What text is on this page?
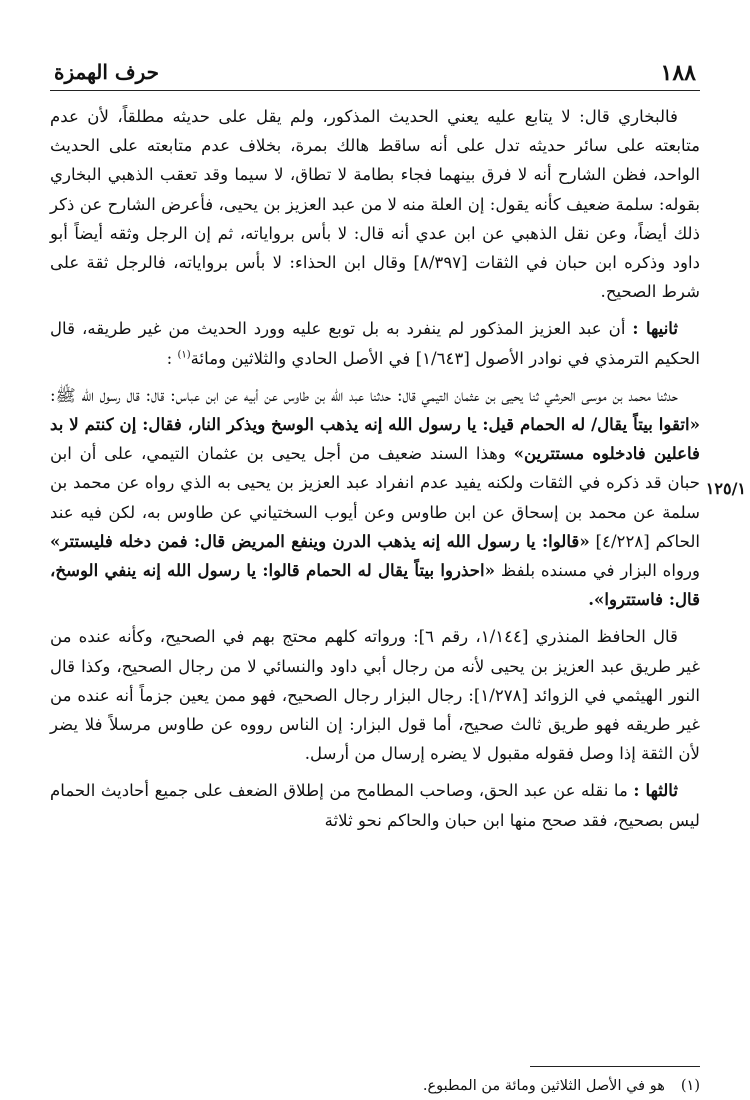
١٨٨
حرف الهمزة
١٢٥/١

فالبخاري قال: لا يتابع عليه يعني الحديث المذكور، ولم يقل على حديثه مطلقاً، لأن عدم متابعته على سائر حديثه تدل على أنه ساقط هالك بمرة، بخلاف عدم متابعته على الحديث الواحد، فظن الشارح أنه لا فرق بينهما فجاء بطامة لا تطاق، لا سيما وقد تعقب الذهبي البخاري بقوله: سلمة ضعيف كأنه يقول: إن العلة منه لا من عبد العزيز بن يحيى، فأعرض الشارح عن ذكر ذلك أيضاً، وعن نقل الذهبي عن ابن عدي أنه قال: لا بأس برواياته، ثم إن الرجل وثقه أيضاً أبو داود وذكره ابن حبان في الثقات [٨/٣٩٧] وقال ابن الحذاء: لا بأس برواياته، فالرجل ثقة على شرط الصحيح.

ثانيها : أن عبد العزيز المذكور لم ينفرد به بل توبع عليه وورد الحديث من غير طريقه، قال الحكيم الترمذي في نوادر الأصول [١/٦٤٣] في الأصل الحادي والثلاثين ومائة$^{(١)}$ :

حدثنا محمد بن موسى الحرشي ثنا يحيى بن عثمان التيمي قال: حدثنا عبد الله بن طاوس عن أبيه عن ابن عباس: قال: قال رسول الله ﷺ: «اتقوا بيتاً يقال/ له الحمام قيل: يا رسول الله إنه يذهب الوسخ ويذكر النار، فقال: إن كنتم لا بد فاعلين فادخلوه مستترين» وهذا السند ضعيف من أجل يحيى بن عثمان التيمي، على أن ابن حبان قد ذكره في الثقات ولكنه يفيد عدم انفراد عبد العزيز بن يحيى به الذي رواه عن محمد بن سلمة عن محمد بن إسحاق عن ابن طاوس وعن أيوب السختياني عن طاوس به، لكن فيه عند الحاكم [٤/٢٢٨] «قالوا: يا رسول الله إنه يذهب الدرن وينفع المريض قال: فمن دخله فليستتر» ورواه البزار في مسنده بلفظ «احذروا بيتاً يقال له الحمام قالوا: يا رسول الله إنه ينفي الوسخ، قال: فاستتروا».

قال الحافظ المنذري [١/١٤٤، رقم ٦]: ورواته كلهم محتج بهم في الصحيح، وكأنه عنده من غير طريق عبد العزيز بن يحيى لأنه من رجال أبي داود والنسائي لا من رجال الصحيح، وكذا قال النور الهيثمي في الزوائد [١/٢٧٨]: رجال البزار رجال الصحيح، فهو ممن يعين جزماً أنه عنده من غير طريقه فهو طريق ثالث صحيح، أما قول البزار: إن الناس رووه عن طاوس مرسلاً فلا يضر لأن الثقة إذا وصل فقوله مقبول لا يضره إرسال من أرسل.

ثالثها : ما نقله عن عبد الحق، وصاحب المطامح من إطلاق الضعف على جميع أحاديث الحمام ليس بصحيح، فقد صحح منها ابن حبان والحاكم نحو ثلاثة

(١)هو في الأصل الثلاثين ومائة من المطبوع.
